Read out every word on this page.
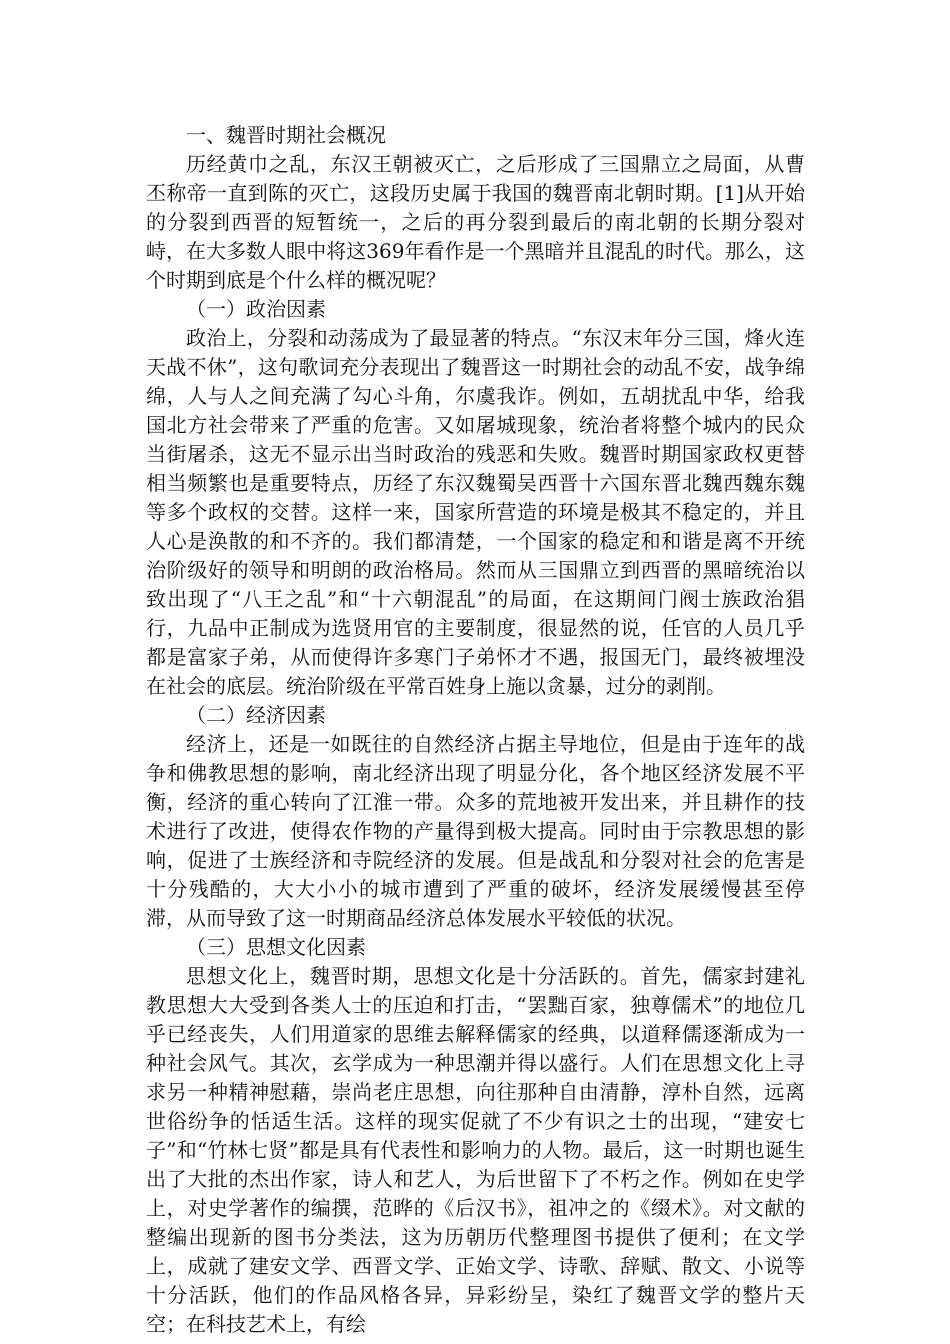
一、魏晋时期社会概况

历经黄巾之乱，东汉王朝被灭亡，之后形成了三国鼎立之局面，从曹丕称帝一直到陈的灭亡，这段历史属于我国的魏晋南北朝时期。[1]从开始的分裂到西晋的短暂统一，之后的再分裂到最后的南北朝的长期分裂对峙，在大多数人眼中将这369年看作是一个黑暗并且混乱的时代。那么，这个时期到底是个什么样的概况呢？

（一）政治因素

政治上，分裂和动荡成为了最显著的特点。“东汉末年分三国，烽火连天战不休”，这句歌词充分表现出了魏晋这一时期社会的动乱不安，战争绵绵，人与人之间充满了勾心斗角，尔虞我诈。例如，五胡扰乱中华，给我国北方社会带来了严重的危害。又如屠城现象，统治者将整个城内的民众当街屠杀，这无不显示出当时政治的残恶和失败。魏晋时期国家政权更替相当频繁也是重要特点，历经了东汉魏蜀吴西晋十六国东晋北魏西魏东魏等多个政权的交替。这样一来，国家所营造的环境是极其不稳定的，并且人心是涣散的和不齐的。我们都清楚，一个国家的稳定和和谐是离不开统治阶级好的领导和明朗的政治格局。然而从三国鼎立到西晋的黑暗统治以致出现了“八王之乱”和“十六朝混乱”的局面，在这期间门阀士族政治猖行，九品中正制成为选贤用官的主要制度，很显然的说，任官的人员几乎都是富家子弟，从而使得许多寒门子弟怀才不遇，报国无门，最终被埋没在社会的底层。统治阶级在平常百姓身上施以贪暴，过分的剥削。

（二）经济因素

经济上，还是一如既往的自然经济占据主导地位，但是由于连年的战争和佛教思想的影响，南北经济出现了明显分化，各个地区经济发展不平衡，经济的重心转向了江淮一带。众多的荒地被开发出来，并且耕作的技术进行了改进，使得农作物的产量得到极大提高。同时由于宗教思想的影响，促进了士族经济和寺院经济的发展。但是战乱和分裂对社会的危害是十分残酷的，大大小小的城市遭到了严重的破坏，经济发展缓慢甚至停滞，从而导致了这一时期商品经济总体发展水平较低的状况。

（三）思想文化因素

思想文化上，魏晋时期，思想文化是十分活跃的。首先，儒家封建礼教思想大大受到各类人士的压迫和打击，“罢黜百家，独尊儒术”的地位几乎已经丧失，人们用道家的思维去解释儒家的经典，以道释儒逐渐成为一种社会风气。其次，玄学成为一种思潮并得以盛行。人们在思想文化上寻求另一种精神慰藉，崇尚老庄思想，向往那种自由清静，淳朴自然，远离世俗纷争的恬适生活。这样的现实促就了不少有识之士的出现，“建安七子”和“竹林七贤”都是具有代表性和影响力的人物。最后，这一时期也诞生出了大批的杰出作家，诗人和艺人，为后世留下了不朽之作。例如在史学上，对史学著作的编撰，范晔的《后汉书》，祖冲之的《缀术》。对文献的整编出现新的图书分类法，这为历朝历代整理图书提供了便利；在文学上，成就了建安文学、西晋文学、正始文学、诗歌、辞赋、散文、小说等十分活跃，他们的作品风格各异，异彩纷呈，染红了魏晋文学的整片天空；在科技艺术上，有绘
